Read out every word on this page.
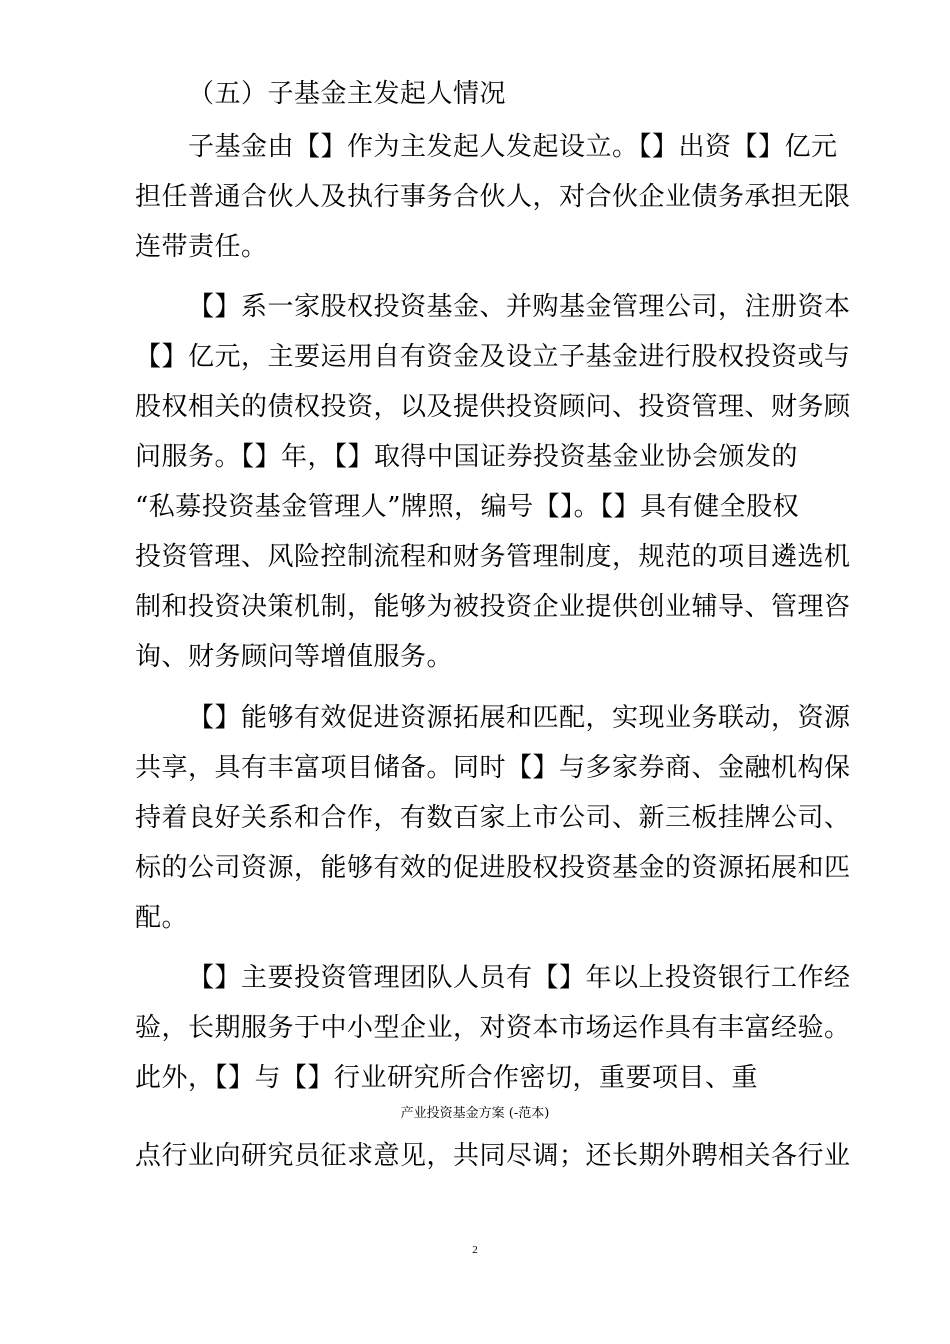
（五）子基金主发起人情况
子基金由【】作为主发起人发起设立。【】出资【】亿元
担任普通合伙人及执行事务合伙人，对合伙企业债务承担无限
连带责任。
【】系一家股权投资基金、并购基金管理公司，注册资本
【】亿元，主要运用自有资金及设立子基金进行股权投资或与
股权相关的债权投资，以及提供投资顾问、投资管理、财务顾
问服务。【】年，【】取得中国证券投资基金业协会颁发的
“私募投资基金管理人”牌照，编号【】。【】具有健全股权
投资管理、风险控制流程和财务管理制度，规范的项目遴选机
制和投资决策机制，能够为被投资企业提供创业辅导、管理咨
询、财务顾问等增值服务。
【】能够有效促进资源拓展和匹配，实现业务联动，资源
共享，具有丰富项目储备。同时【】与多家券商、金融机构保
持着良好关系和合作，有数百家上市公司、新三板挂牌公司、
标的公司资源，能够有效的促进股权投资基金的资源拓展和匹
配。
【】主要投资管理团队人员有【】年以上投资银行工作经
验，长期服务于中小型企业，对资本市场运作具有丰富经验。
此外，【】与【】行业研究所合作密切，重要项目、重
产业投资基金方案 (-范本)
点行业向研究员征求意见，共同尽调；还长期外聘相关各行业
2
